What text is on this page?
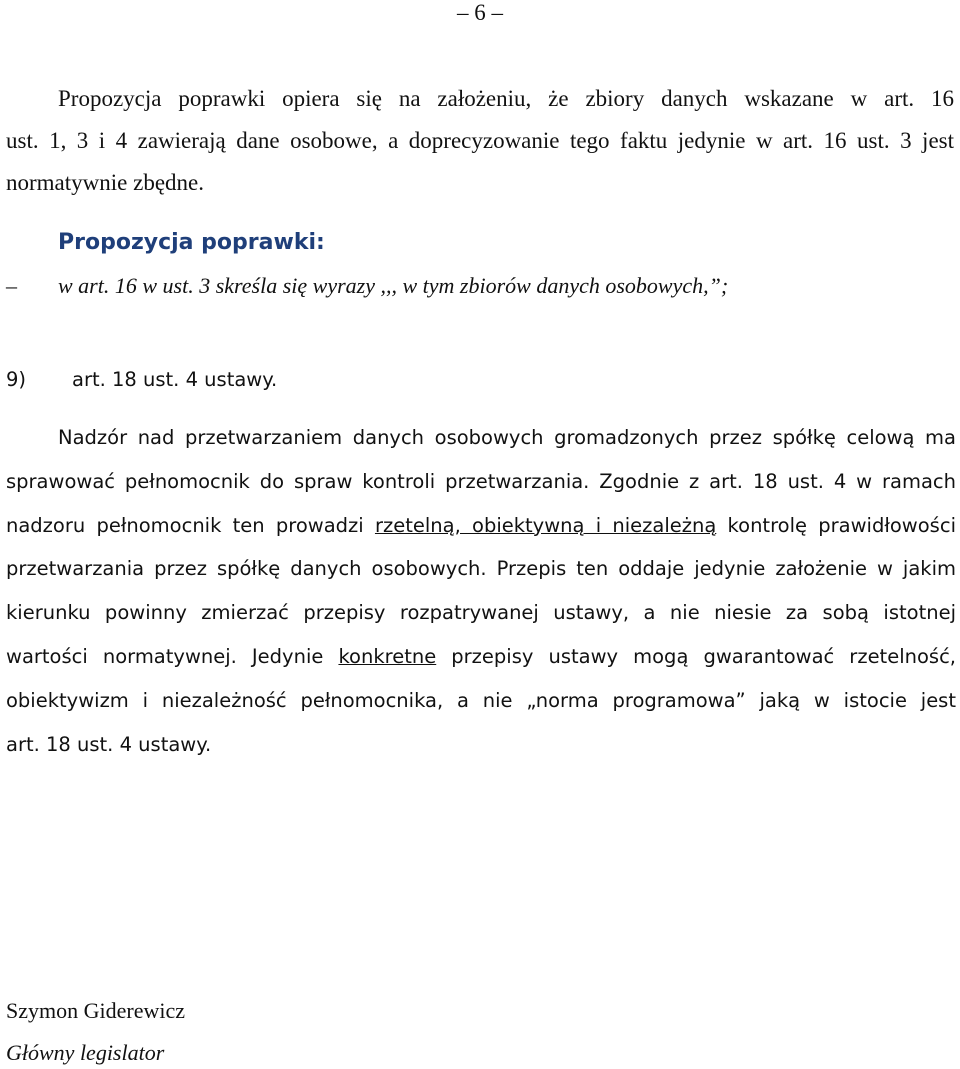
– 6 –
Propozycja poprawki opiera się na założeniu, że zbiory danych wskazane w art. 16
ust. 1, 3 i 4 zawierają dane osobowe, a doprecyzowanie tego faktu jedynie w art. 16 ust. 3 jest
normatywnie zbędne.
Propozycja poprawki:
– w art. 16 w ust. 3 skreśla się wyrazy ,,, w tym zbiorów danych osobowych,”;
9) art. 18 ust. 4 ustawy.
Nadzór nad przetwarzaniem danych osobowych gromadzonych przez spółkę celową ma
sprawować pełnomocnik do spraw kontroli przetwarzania. Zgodnie z art. 18 ust. 4 w ramach
nadzoru pełnomocnik ten prowadzi rzetelną, obiektywną i niezależną kontrolę prawidłowości
przetwarzania przez spółkę danych osobowych. Przepis ten oddaje jedynie założenie w jakim
kierunku powinny zmierzać przepisy rozpatrywanej ustawy, a nie niesie za sobą istotnej
wartości normatywnej. Jedynie konkretne przepisy ustawy mogą gwarantować rzetelność,
obiektywizm i niezależność pełnomocnika, a nie „norma programowa” jaką w istocie jest
art. 18 ust. 4 ustawy.
Szymon Giderewicz
Główny legislator
